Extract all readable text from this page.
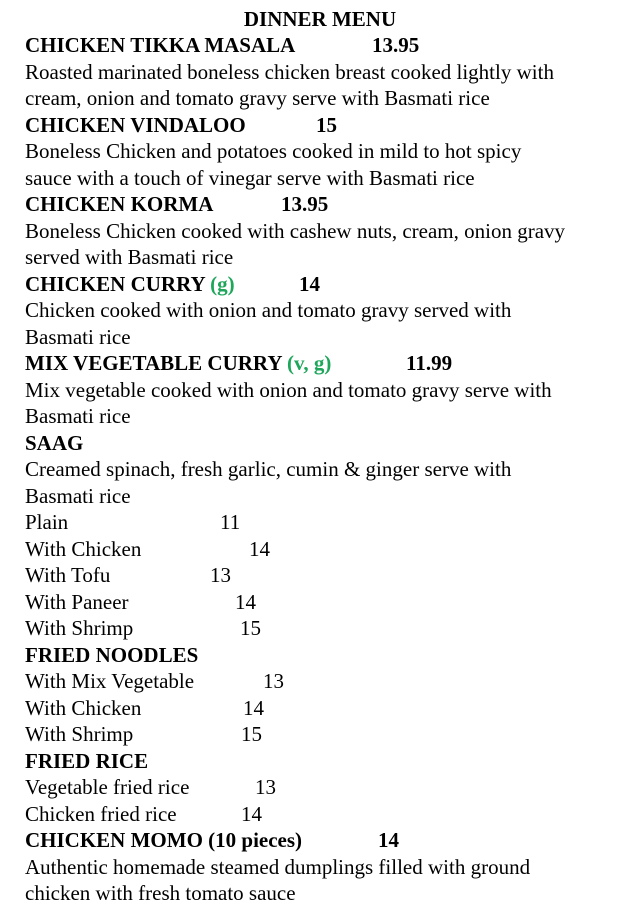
DINNER MENU
CHICKEN TIKKA MASALA	13.95
Roasted marinated boneless chicken breast cooked lightly with
cream, onion and tomato gravy serve with Basmati rice
CHICKEN VINDALOO	15
Boneless Chicken and potatoes cooked in mild to hot spicy
sauce with a touch of vinegar serve with Basmati rice
CHICKEN KORMA	13.95
Boneless Chicken cooked with cashew nuts, cream, onion gravy
served with Basmati rice
CHICKEN CURRY (g)	14
Chicken cooked with onion and tomato gravy served with
Basmati rice
MIX VEGETABLE CURRY (v, g)	11.99
Mix vegetable cooked with onion and tomato gravy serve with
Basmati rice
SAAG
Creamed spinach, fresh garlic, cumin & ginger serve with
Basmati rice
Plain	11
With Chicken	14
With Tofu	13
With Paneer	14
With Shrimp	15
FRIED NOODLES
With Mix Vegetable	13
With Chicken	14
With Shrimp	15
FRIED RICE
Vegetable fried rice	13
Chicken fried rice	14
CHICKEN MOMO (10 pieces)	14
Authentic homemade steamed dumplings filled with ground
chicken with fresh tomato sauce
